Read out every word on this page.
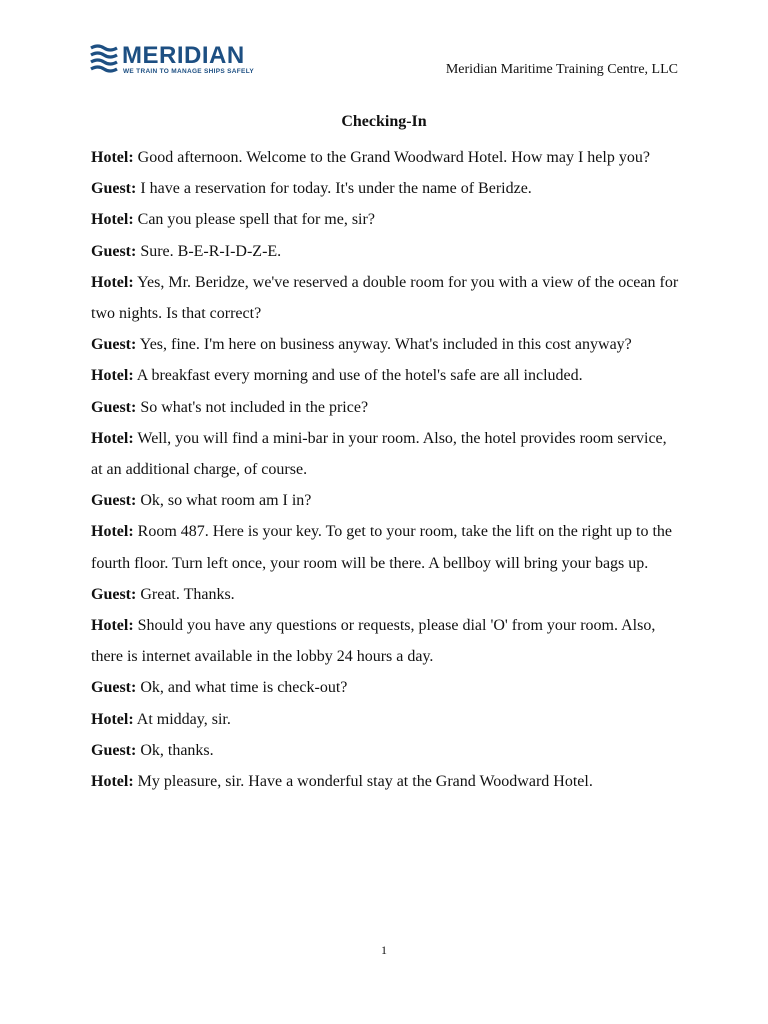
MERIDIAN
WE TRAIN TO MANAGE SHIPS SAFELY	Meridian Maritime Training Centre, LLC
Checking-In

Hotel: Good afternoon. Welcome to the Grand Woodward Hotel. How may I help you?

Guest: I have a reservation for today. It's under the name of Beridze.

Hotel: Can you please spell that for me, sir?

Guest: Sure. B-E-R-I-D-Z-E.

Hotel: Yes, Mr. Beridze, we've reserved a double room for you with a view of the ocean for two nights. Is that correct?

Guest: Yes, fine. I'm here on business anyway. What's included in this cost anyway?

Hotel: A breakfast every morning and use of the hotel's safe are all included.

Guest: So what's not included in the price?

Hotel: Well, you will find a mini-bar in your room. Also, the hotel provides room service, at an additional charge, of course.

Guest: Ok, so what room am I in?

Hotel: Room 487. Here is your key. To get to your room, take the lift on the right up to the fourth floor. Turn left once, your room will be there. A bellboy will bring your bags up.

Guest: Great. Thanks.

Hotel: Should you have any questions or requests, please dial 'O' from your room. Also, there is internet available in the lobby 24 hours a day.

Guest: Ok, and what time is check-out?

Hotel: At midday, sir.

Guest: Ok, thanks.

Hotel: My pleasure, sir. Have a wonderful stay at the Grand Woodward Hotel.

1
